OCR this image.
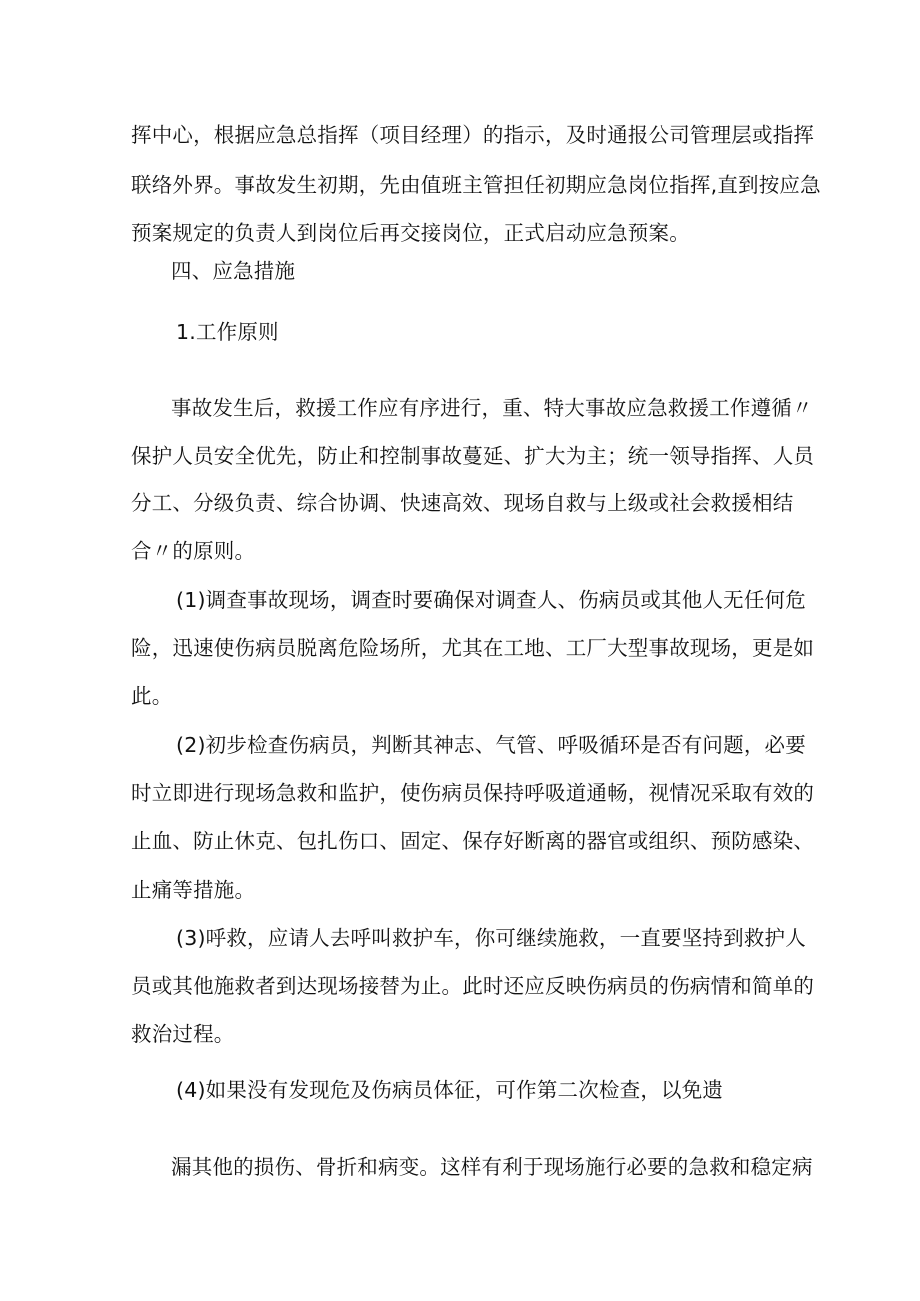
挥中心，根据应急总指挥（项目经理）的指示，及时通报公司管理层或指挥
联络外界。事故发生初期，先由值班主管担任初期应急岗位指挥,直到按应急
预案规定的负责人到岗位后再交接岗位，正式启动应急预案。
四、应急措施
1.工作原则
事故发生后，救援工作应有序进行，重、特大事故应急救援工作遵循〃
保护人员安全优先，防止和控制事故蔓延、扩大为主；统一领导指挥、人员
分工、分级负责、综合协调、快速高效、现场自救与上级或社会救援相结
合〃的原则。
(1)调查事故现场，调查时要确保对调查人、伤病员或其他人无任何危
险，迅速使伤病员脱离危险场所，尤其在工地、工厂大型事故现场，更是如
此。
(2)初步检查伤病员，判断其神志、气管、呼吸循环是否有问题，必要
时立即进行现场急救和监护，使伤病员保持呼吸道通畅，视情况采取有效的
止血、防止休克、包扎伤口、固定、保存好断离的器官或组织、预防感染、
止痛等措施。
(3)呼救，应请人去呼叫救护车，你可继续施救，一直要坚持到救护人
员或其他施救者到达现场接替为止。此时还应反映伤病员的伤病情和简单的
救治过程。
(4)如果没有发现危及伤病员体征，可作第二次检查，以免遗
漏其他的损伤、骨折和病变。这样有利于现场施行必要的急救和稳定病
